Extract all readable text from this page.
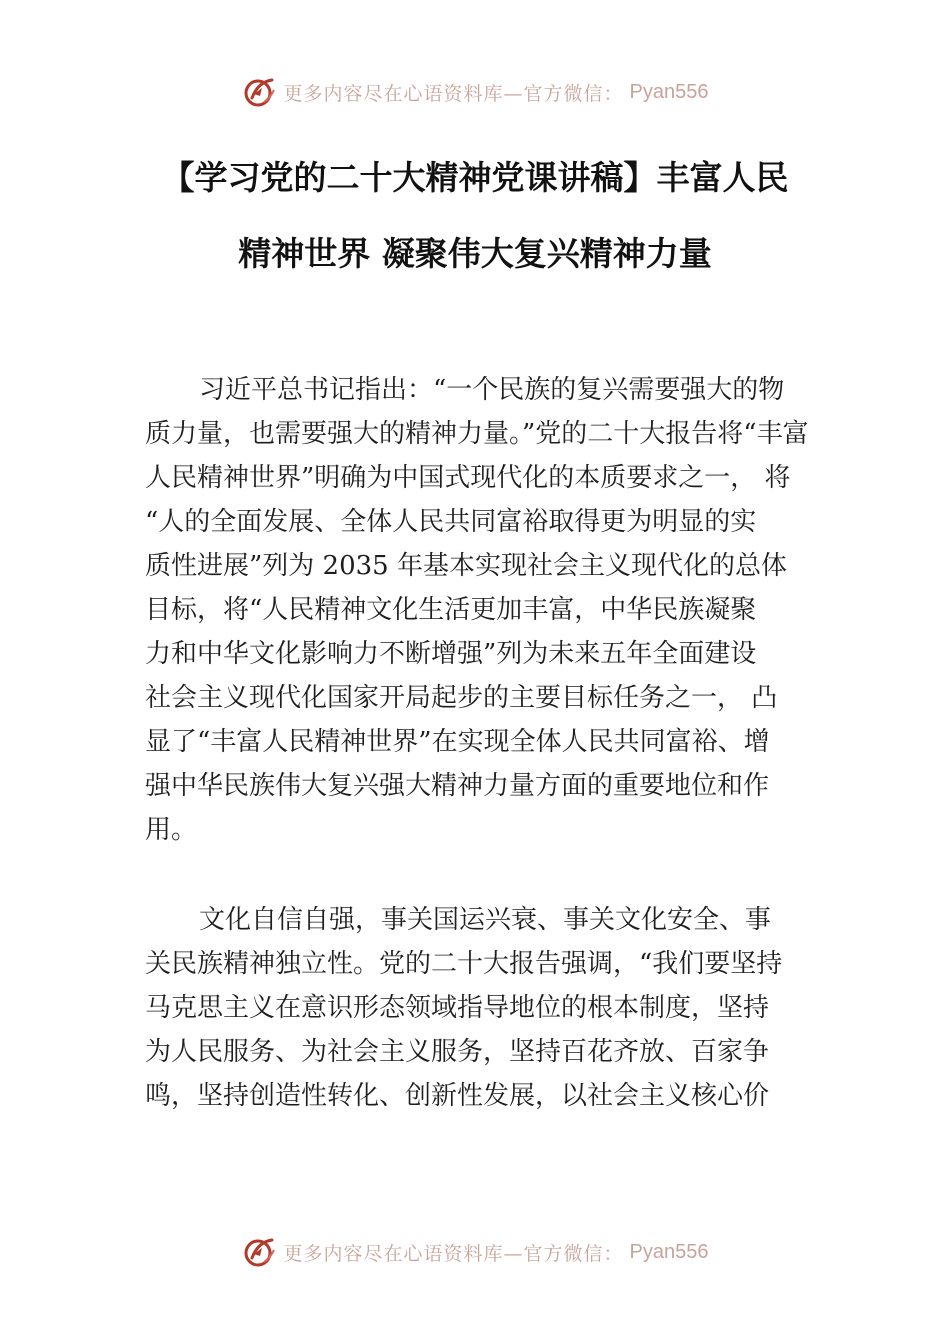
更多内容尽在心语资料库—官方微信： Pyan556
【学习党的二十大精神党课讲稿】丰富人民
精神世界 凝聚伟大复兴精神力量
习近平总书记指出：“一个民族的复兴需要强大的物
质力量，也需要强大的精神力量。”党的二十大报告将“丰富
人民精神世界”明确为中国式现代化的本质要求之一， 将
“人的全面发展、全体人民共同富裕取得更为明显的实
质性进展”列为 2035 年基本实现社会主义现代化的总体
目标，将“人民精神文化生活更加丰富，中华民族凝聚
力和中华文化影响力不断增强”列为未来五年全面建设
社会主义现代化国家开局起步的主要目标任务之一， 凸
显了“丰富人民精神世界”在实现全体人民共同富裕、增
强中华民族伟大复兴强大精神力量方面的重要地位和作
用。
文化自信自强，事关国运兴衰、事关文化安全、事
关民族精神独立性。党的二十大报告强调，“我们要坚持
马克思主义在意识形态领域指导地位的根本制度，坚持
为人民服务、为社会主义服务，坚持百花齐放、百家争
鸣，坚持创造性转化、创新性发展，以社会主义核心价
更多内容尽在心语资料库—官方微信： Pyan556
